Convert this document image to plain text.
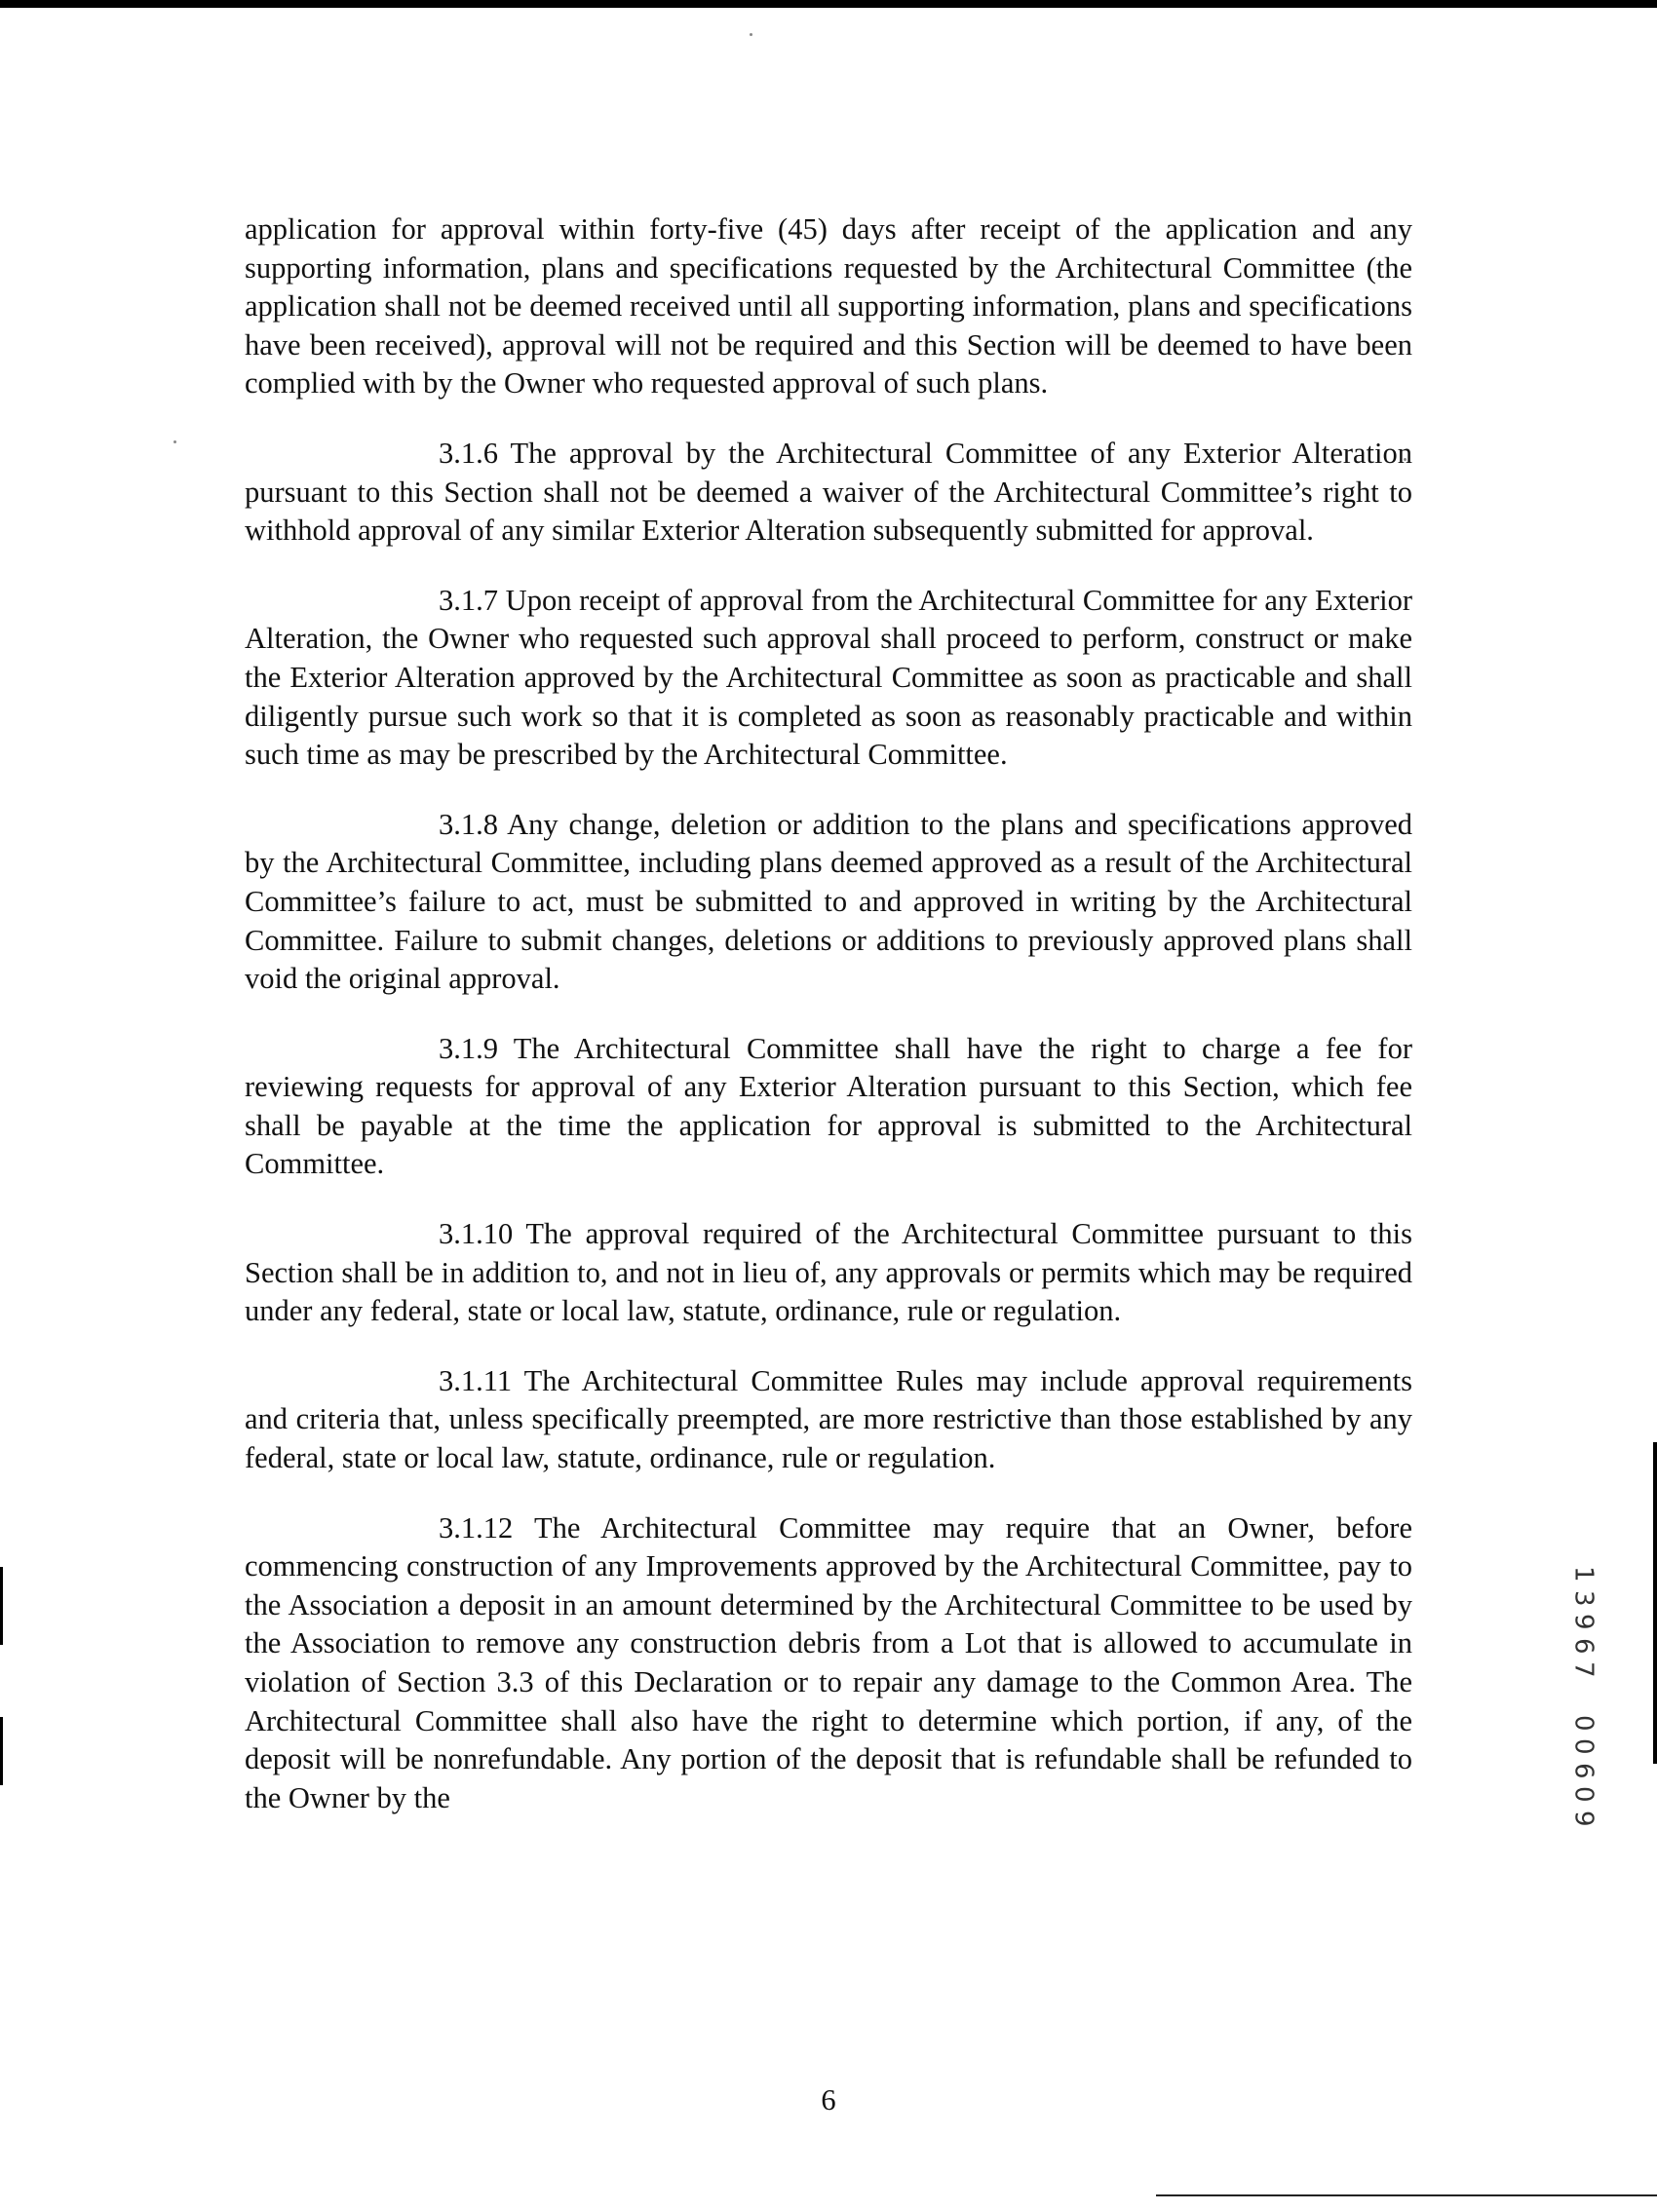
application for approval within forty-five (45) days after receipt of the application and any supporting information, plans and specifications requested by the Architectural Committee (the application shall not be deemed received until all supporting information, plans and specifications have been received), approval will not be required and this Section will be deemed to have been complied with by the Owner who requested approval of such plans.

3.1.6 The approval by the Architectural Committee of any Exterior Alteration pursuant to this Section shall not be deemed a waiver of the Architectural Committee’s right to withhold approval of any similar Exterior Alteration subsequently submitted for approval.

3.1.7 Upon receipt of approval from the Architectural Committee for any Exterior Alteration, the Owner who requested such approval shall proceed to perform, construct or make the Exterior Alteration approved by the Architectural Committee as soon as practicable and shall diligently pursue such work so that it is completed as soon as reasonably practicable and within such time as may be prescribed by the Architectural Committee.

3.1.8 Any change, deletion or addition to the plans and specifications approved by the Architectural Committee, including plans deemed approved as a result of the Architectural Committee’s failure to act, must be submitted to and approved in writing by the Architectural Committee. Failure to submit changes, deletions or additions to previously approved plans shall void the original approval.

3.1.9 The Architectural Committee shall have the right to charge a fee for reviewing requests for approval of any Exterior Alteration pursuant to this Section, which fee shall be payable at the time the application for approval is submitted to the Architectural Committee.

3.1.10 The approval required of the Architectural Committee pursuant to this Section shall be in addition to, and not in lieu of, any approvals or permits which may be required under any federal, state or local law, statute, ordinance, rule or regulation.

3.1.11 The Architectural Committee Rules may include approval requirements and criteria that, unless specifically preempted, are more restrictive than those established by any federal, state or local law, statute, ordinance, rule or regulation.

3.1.12 The Architectural Committee may require that an Owner, before commencing construction of any Improvements approved by the Architectural Committee, pay to the Association a deposit in an amount determined by the Architectural Committee to be used by the Association to remove any construction debris from a Lot that is allowed to accumulate in violation of Section 3.3 of this Declaration or to repair any damage to the Common Area. The Architectural Committee shall also have the right to determine which portion, if any, of the deposit will be nonrefundable. Any portion of the deposit that is refundable shall be refunded to the Owner by the

6
1
3
9
6
7
0
0
6
0
9
